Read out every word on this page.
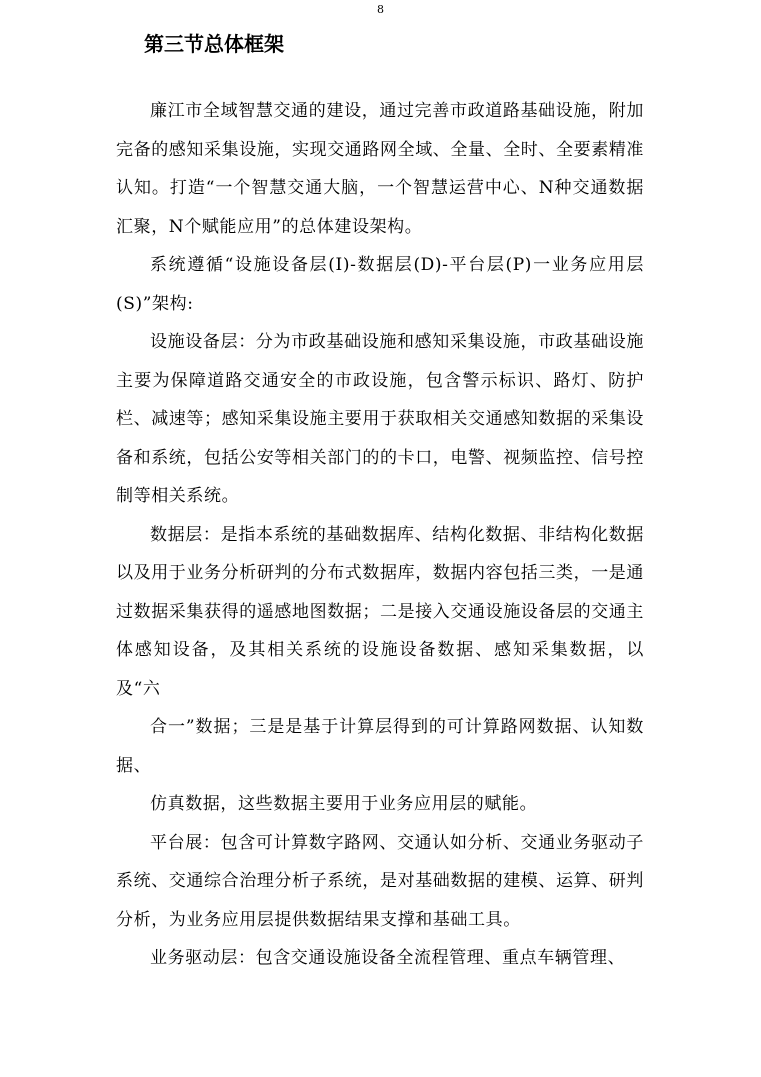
8
第三节总体框架

廉江市全域智慧交通的建设，通过完善市政道路基础设施，附加完备的感知采集设施，实现交通路网全域、全量、全时、全要素精准认知。打造“一个智慧交通大脑，一个智慧运营中心、N种交通数据汇聚，N个赋能应用”的总体建设架构。

系统遵循“设施设备层(I)-数据层(D)-平台层(P)一业务应用层(S)”架构:

设施设备层：分为市政基础设施和感知采集设施，市政基础设施主要为保障道路交通安全的市政设施，包含警示标识、路灯、防护栏、减速等；感知采集设施主要用于获取相关交通感知数据的采集设备和系统，包括公安等相关部门的的卡口，电警、视频监控、信号控制等相关系统。

数据层：是指本系统的基础数据库、结构化数据、非结构化数据以及用于业务分析研判的分布式数据库，数据内容包括三类，一是通过数据采集获得的遥感地图数据；二是接入交通设施设备层的交通主体感知设备，及其相关系统的设施设备数据、感知采集数据，以及“六

合一”数据；三是是基于计算层得到的可计算路网数据、认知数据、

仿真数据，这些数据主要用于业务应用层的赋能。

平台展：包含可计算数字路网、交通认如分析、交通业务驱动子系统、交通综合治理分析子系统，是对基础数据的建模、运算、研判分析，为业务应用层提供数据结果支撑和基础工具。

业务驱动层：包含交通设施设备全流程管理、重点车辆管理、
